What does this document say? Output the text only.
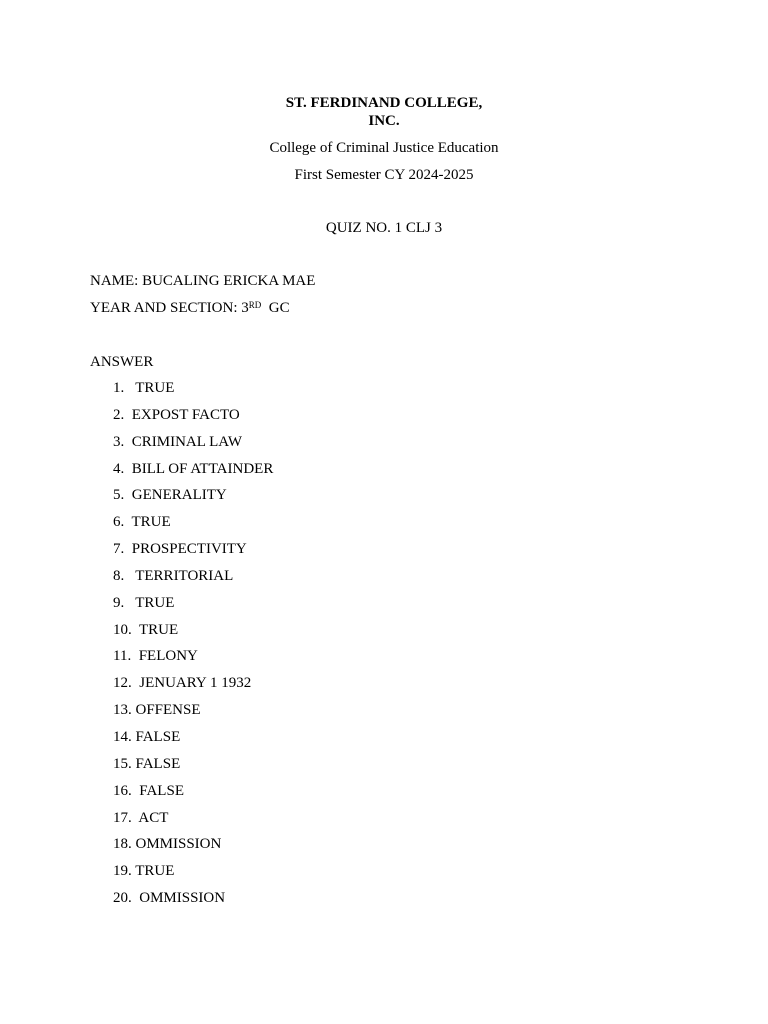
ST. FERDINAND COLLEGE,
INC.
College of Criminal Justice Education
First Semester CY 2024-2025
QUIZ NO. 1 CLJ 3
NAME: BUCALING ERICKA MAE
YEAR AND SECTION: 3RD GC
ANSWER
1.   TRUE
2.  EXPOST FACTO
3.  CRIMINAL LAW
4.  BILL OF ATTAINDER
5.  GENERALITY
6.  TRUE
7.  PROSPECTIVITY
8.   TERRITORIAL
9.   TRUE
10.  TRUE
11.  FELONY
12.  JENUARY 1 1932
13. OFFENSE
14. FALSE
15. FALSE
16.  FALSE
17.  ACT
18. OMMISSION
19. TRUE
20.  OMMISSION
